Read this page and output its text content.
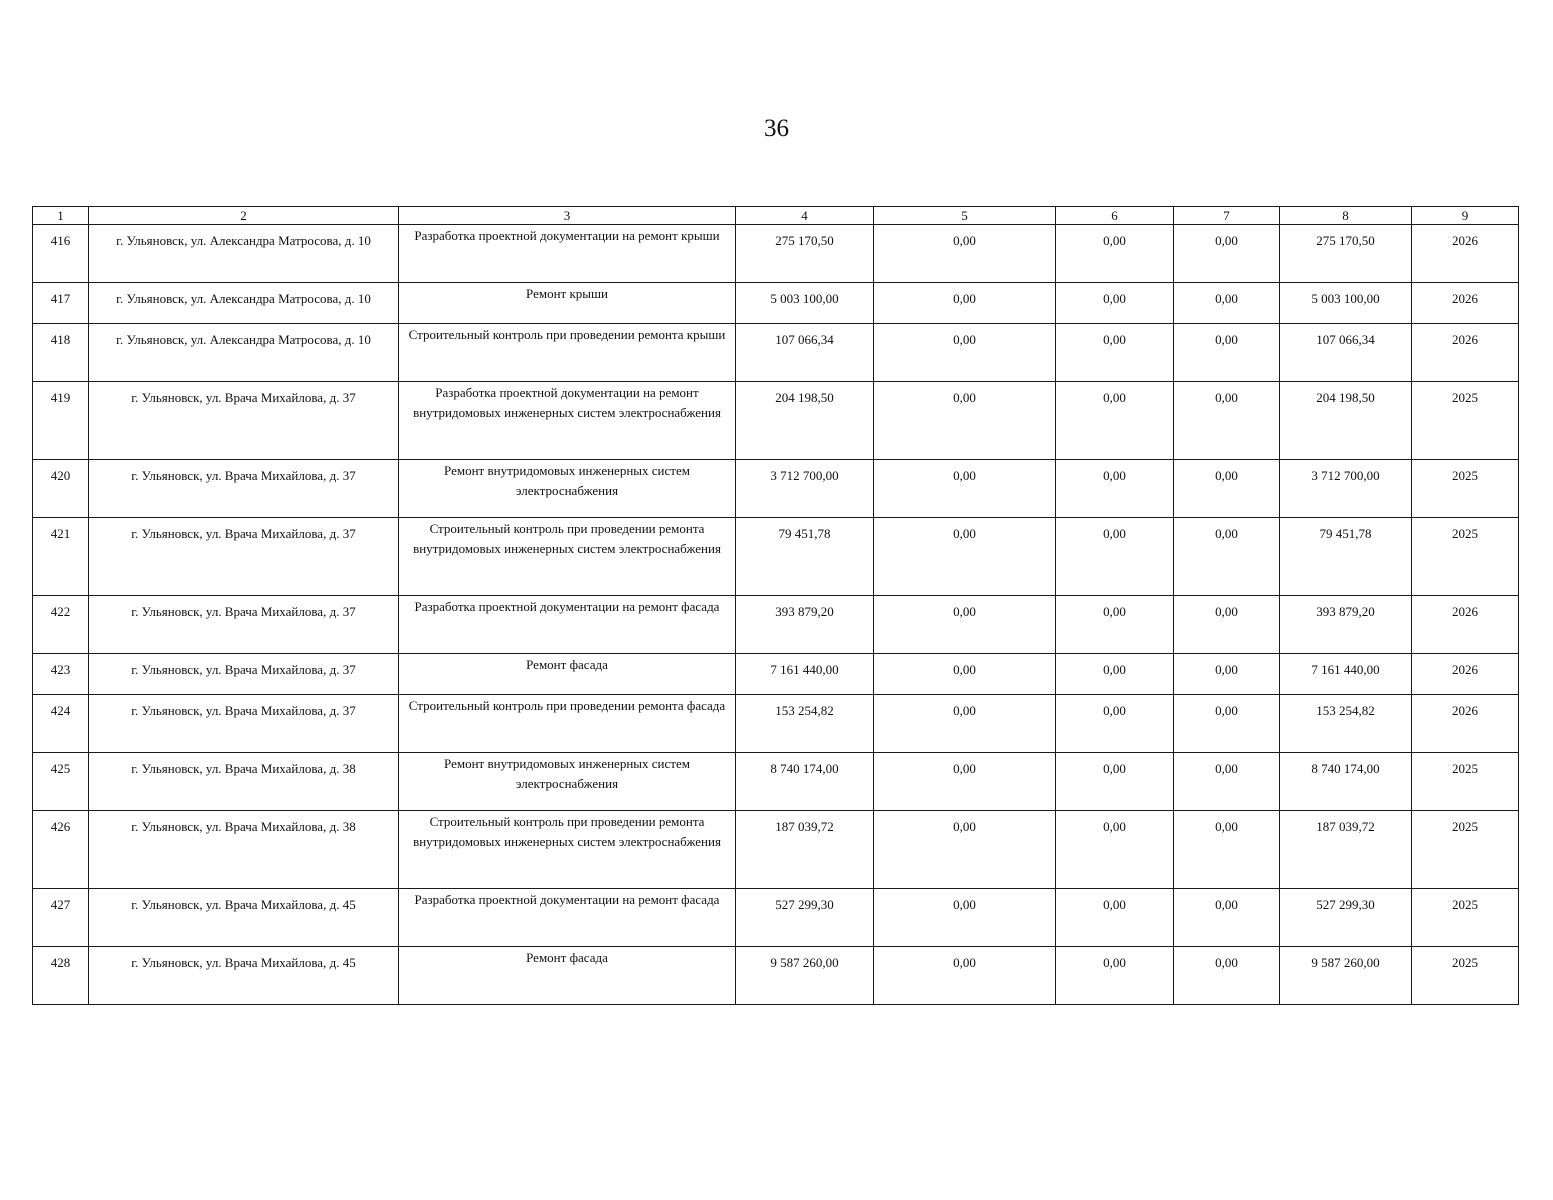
36
1	2	3	4	5	6	7	8	9
416	г. Ульяновск, ул. Александра Матросова, д. 10	Разработка проектной документации на ремонт крыши	275 170,50	0,00	0,00	0,00	275 170,50	2026
417	г. Ульяновск, ул. Александра Матросова, д. 10	Ремонт крыши	5 003 100,00	0,00	0,00	0,00	5 003 100,00	2026
418	г. Ульяновск, ул. Александра Матросова, д. 10	Строительный контроль при проведении ремонта крыши	107 066,34	0,00	0,00	0,00	107 066,34	2026
419	г. Ульяновск, ул. Врача Михайлова, д. 37	Разработка проектной документации на ремонт внутридомовых инженерных систем электроснабжения	204 198,50	0,00	0,00	0,00	204 198,50	2025
420	г. Ульяновск, ул. Врача Михайлова, д. 37	Ремонт внутридомовых инженерных систем электроснабжения	3 712 700,00	0,00	0,00	0,00	3 712 700,00	2025
421	г. Ульяновск, ул. Врача Михайлова, д. 37	Строительный контроль при проведении ремонта внутридомовых инженерных систем электроснабжения	79 451,78	0,00	0,00	0,00	79 451,78	2025
422	г. Ульяновск, ул. Врача Михайлова, д. 37	Разработка проектной документации на ремонт фасада	393 879,20	0,00	0,00	0,00	393 879,20	2026
423	г. Ульяновск, ул. Врача Михайлова, д. 37	Ремонт фасада	7 161 440,00	0,00	0,00	0,00	7 161 440,00	2026
424	г. Ульяновск, ул. Врача Михайлова, д. 37	Строительный контроль при проведении ремонта фасада	153 254,82	0,00	0,00	0,00	153 254,82	2026
425	г. Ульяновск, ул. Врача Михайлова, д. 38	Ремонт внутридомовых инженерных систем электроснабжения	8 740 174,00	0,00	0,00	0,00	8 740 174,00	2025
426	г. Ульяновск, ул. Врача Михайлова, д. 38	Строительный контроль при проведении ремонта внутридомовых инженерных систем электроснабжения	187 039,72	0,00	0,00	0,00	187 039,72	2025
427	г. Ульяновск, ул. Врача Михайлова, д. 45	Разработка проектной документации на ремонт фасада	527 299,30	0,00	0,00	0,00	527 299,30	2025
428	г. Ульяновск, ул. Врача Михайлова, д. 45	Ремонт фасада	9 587 260,00	0,00	0,00	0,00	9 587 260,00	2025
